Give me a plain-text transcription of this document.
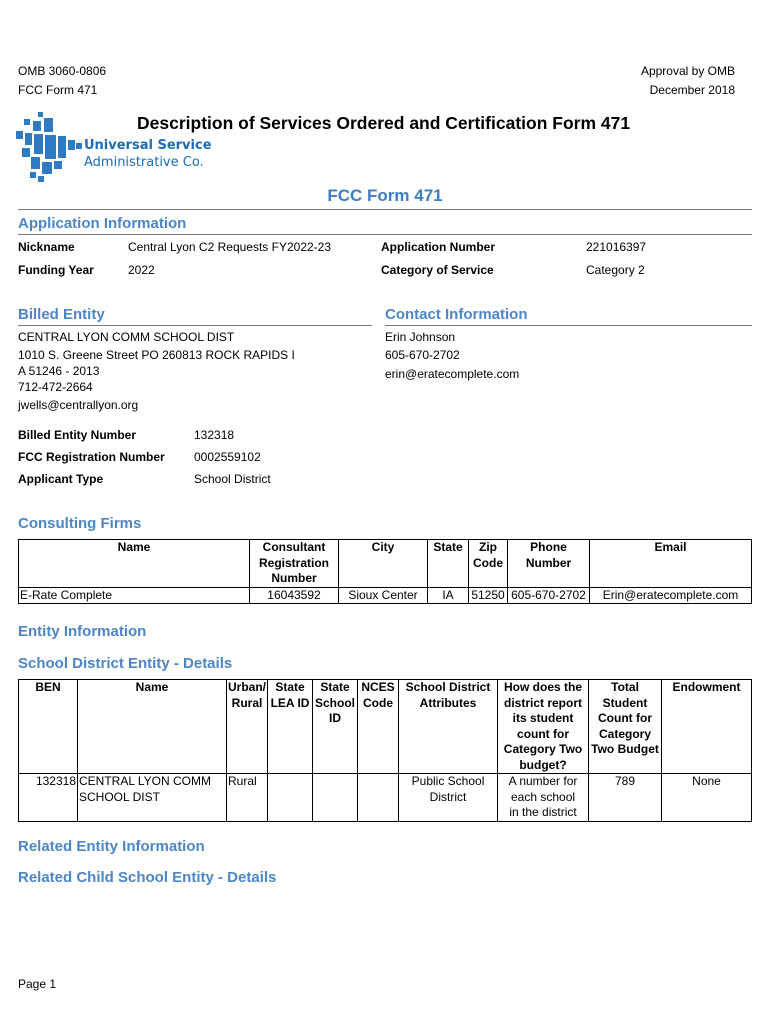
OMB 3060-0806
FCC Form 471
Approval by OMB
December 2018
Universal Service
Administrative Co.
Description of Services Ordered and Certification Form 471
FCC Form 471
Application Information
Nickname	Central Lyon C2 Requests FY2022-23	Application Number	221016397
Funding Year	2022	Category of Service	Category 2
Billed Entity
CENTRAL LYON COMM SCHOOL DIST
1010 S. Greene Street PO 260813 ROCK RAPIDS I
A 51246 - 2013
712-472-2664
jwells@centrallyon.org
Billed Entity Number	132318
FCC Registration Number 0002559102
Applicant Type	School District
Contact Information
Erin Johnson
605-670-2702
erin@eratecomplete.com
Consulting Firms
Name	Consultant Registration Number	City	State	Zip Code	Phone Number	Email
E-Rate Complete	16043592	Sioux Center	IA	51250	605-670-2702	Erin@eratecomplete.com
Entity Information
School District Entity - Details
BEN	Name	Urban/ Rural	State LEA ID	State School ID	NCES Code	School District Attributes	How does the district report its student count for Category Two budget?	Total Student Count for Category Two Budget	Endowment
132318	CENTRAL LYON COMM SCHOOL DIST	Rural				Public School District	A number for each school in the district	789	None
Related Entity Information
Related Child School Entity - Details
Page 1
